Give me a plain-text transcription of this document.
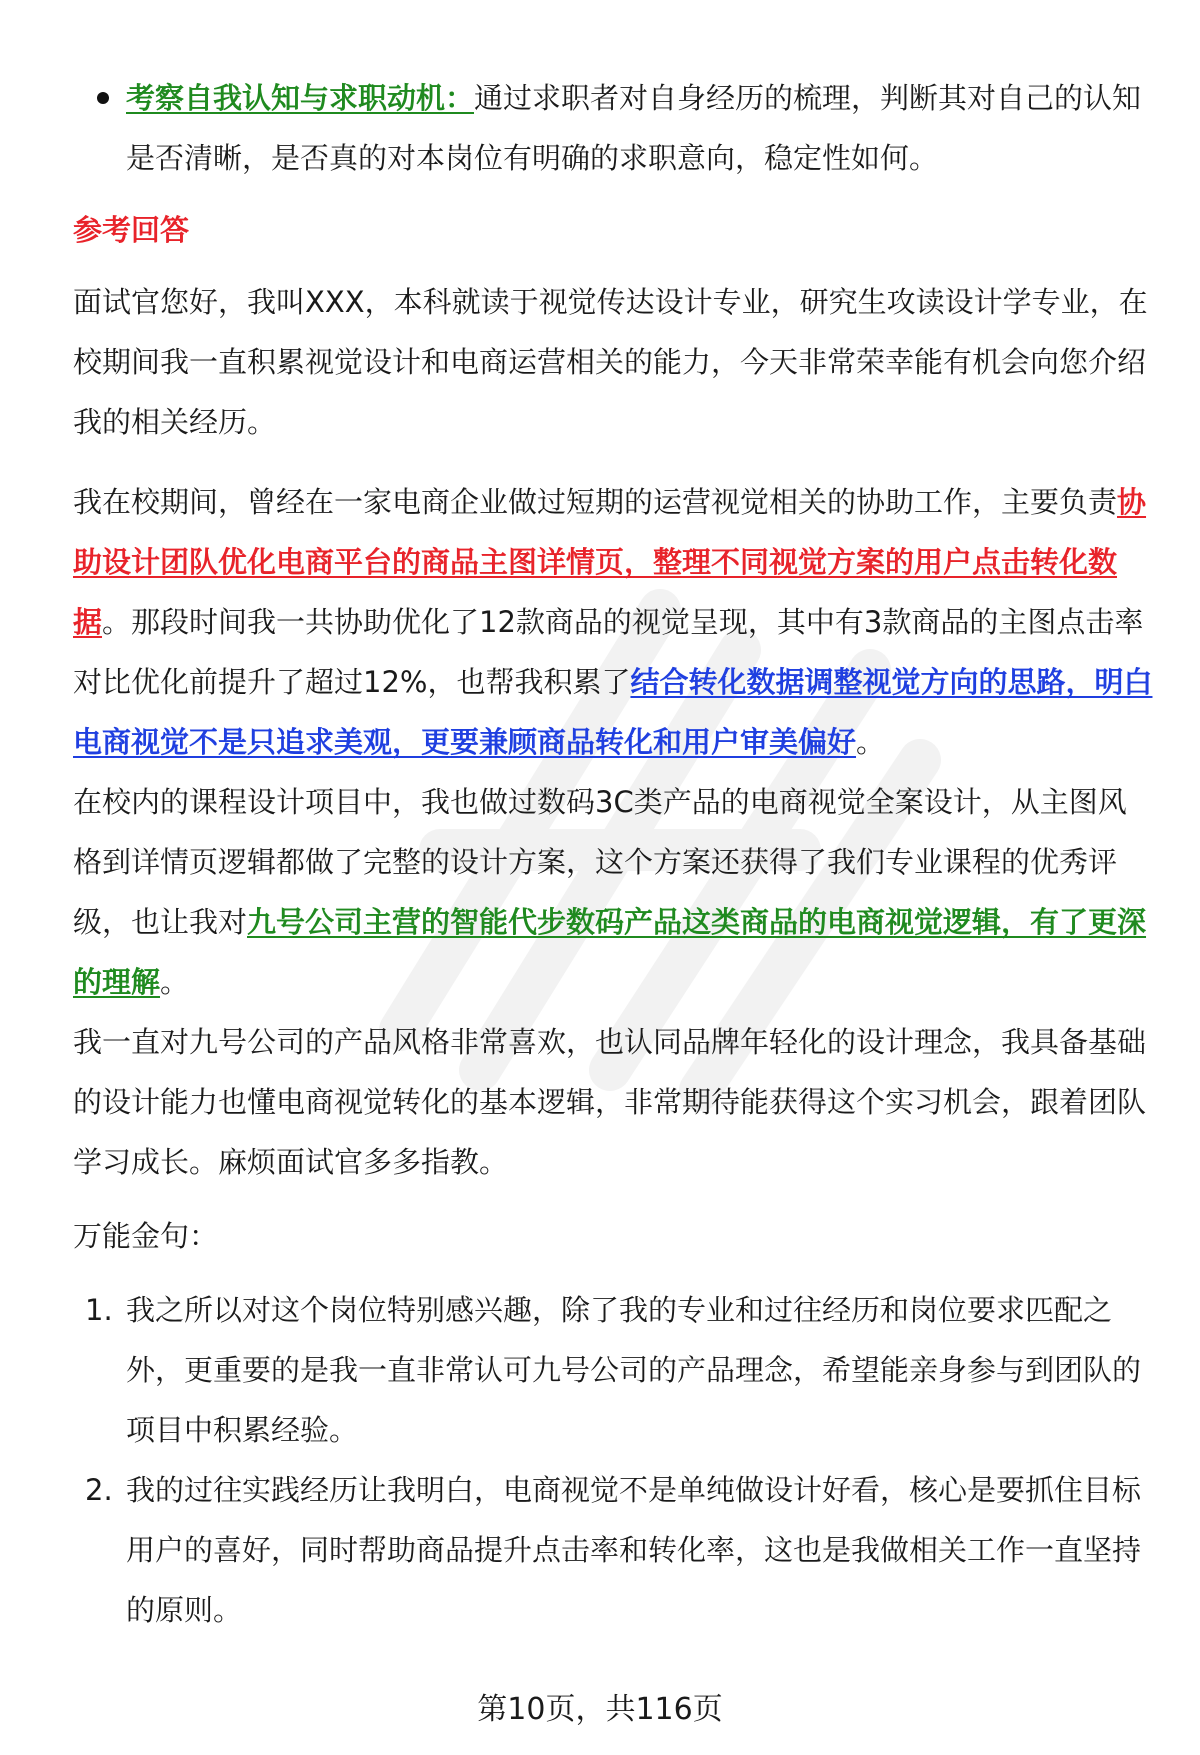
考察自我认知与求职动机：通过求职者对自身经历的梳理，判断其对自己的认知是否清晰，是否真的对本岗位有明确的求职意向，稳定性如何。
参考回答

面试官您好，我叫XXX，本科就读于视觉传达设计专业，研究生攻读设计学专业，在校期间我一直积累视觉设计和电商运营相关的能力，今天非常荣幸能有机会向您介绍我的相关经历。

我在校期间，曾经在一家电商企业做过短期的运营视觉相关的协助工作，主要负责协助设计团队优化电商平台的商品主图详情页，整理不同视觉方案的用户点击转化数据。那段时间我一共协助优化了12款商品的视觉呈现，其中有3款商品的主图点击率对比优化前提升了超过12%，也帮我积累了结合转化数据调整视觉方向的思路，明白电商视觉不是只追求美观，更要兼顾商品转化和用户审美偏好。

在校内的课程设计项目中，我也做过数码3C类产品的电商视觉全案设计，从主图风格到详情页逻辑都做了完整的设计方案，这个方案还获得了我们专业课程的优秀评级，也让我对九号公司主营的智能代步数码产品这类商品的电商视觉逻辑，有了更深的理解。

我一直对九号公司的产品风格非常喜欢，也认同品牌年轻化的设计理念，我具备基础的设计能力也懂电商视觉转化的基本逻辑，非常期待能获得这个实习机会，跟着团队学习成长。麻烦面试官多多指教。

万能金句：

1. 我之所以对这个岗位特别感兴趣，除了我的专业和过往经历和岗位要求匹配之外，更重要的是我一直非常认可九号公司的产品理念，希望能亲身参与到团队的项目中积累经验。
2. 我的过往实践经历让我明白，电商视觉不是单纯做设计好看，核心是要抓住目标用户的喜好，同时帮助商品提升点击率和转化率，这也是我做相关工作一直坚持的原则。
第10页，共116页
